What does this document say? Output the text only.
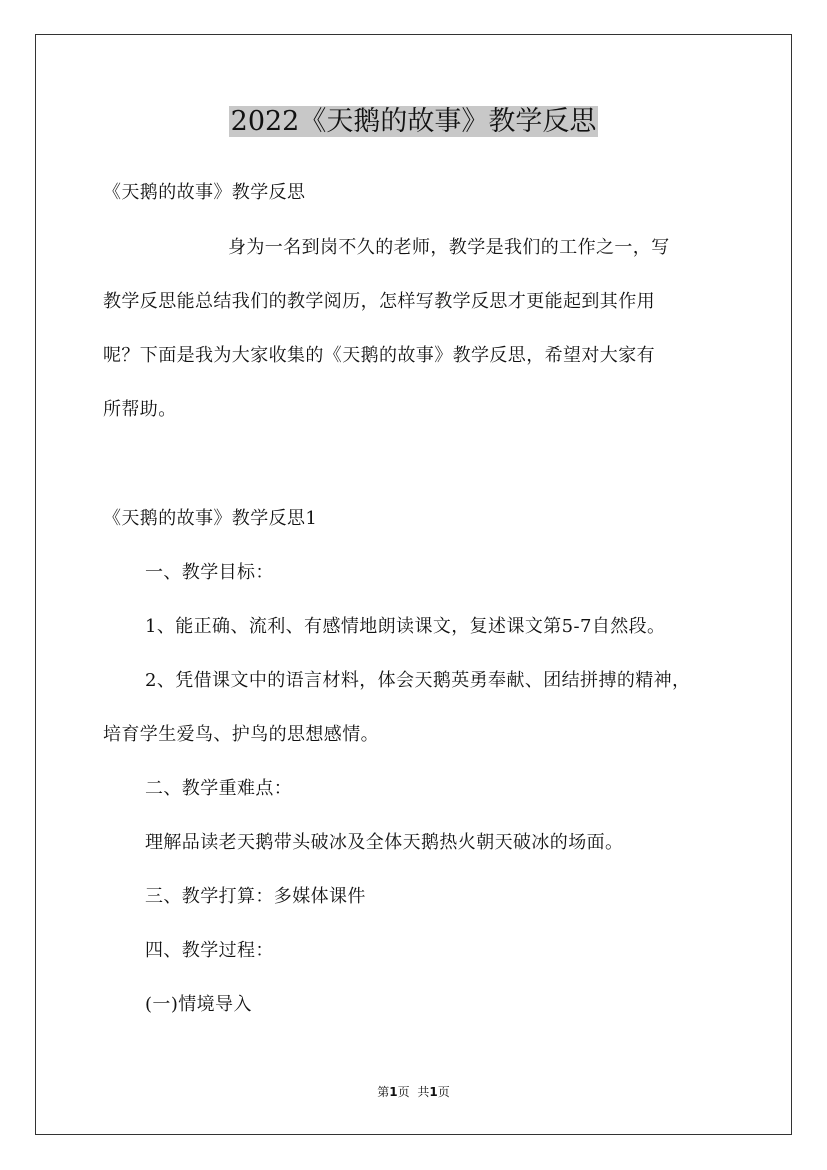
2022《天鹅的故事》教学反思

《天鹅的故事》教学反思

身为一名到岗不久的老师，教学是我们的工作之一，写

教学反思能总结我们的教学阅历，怎样写教学反思才更能起到其作用

呢？下面是我为大家收集的《天鹅的故事》教学反思，希望对大家有

所帮助。

《天鹅的故事》教学反思1

一、教学目标：

1、能正确、流利、有感情地朗读课文，复述课文第5-7自然段。

2、凭借课文中的语言材料，体会天鹅英勇奉献、团结拼搏的精神，

培育学生爱鸟、护鸟的思想感情。

二、教学重难点：

理解品读老天鹅带头破冰及全体天鹅热火朝天破冰的场面。

三、教学打算：多媒体课件

四、教学过程：

(一)情境导入

第1页 共1页
